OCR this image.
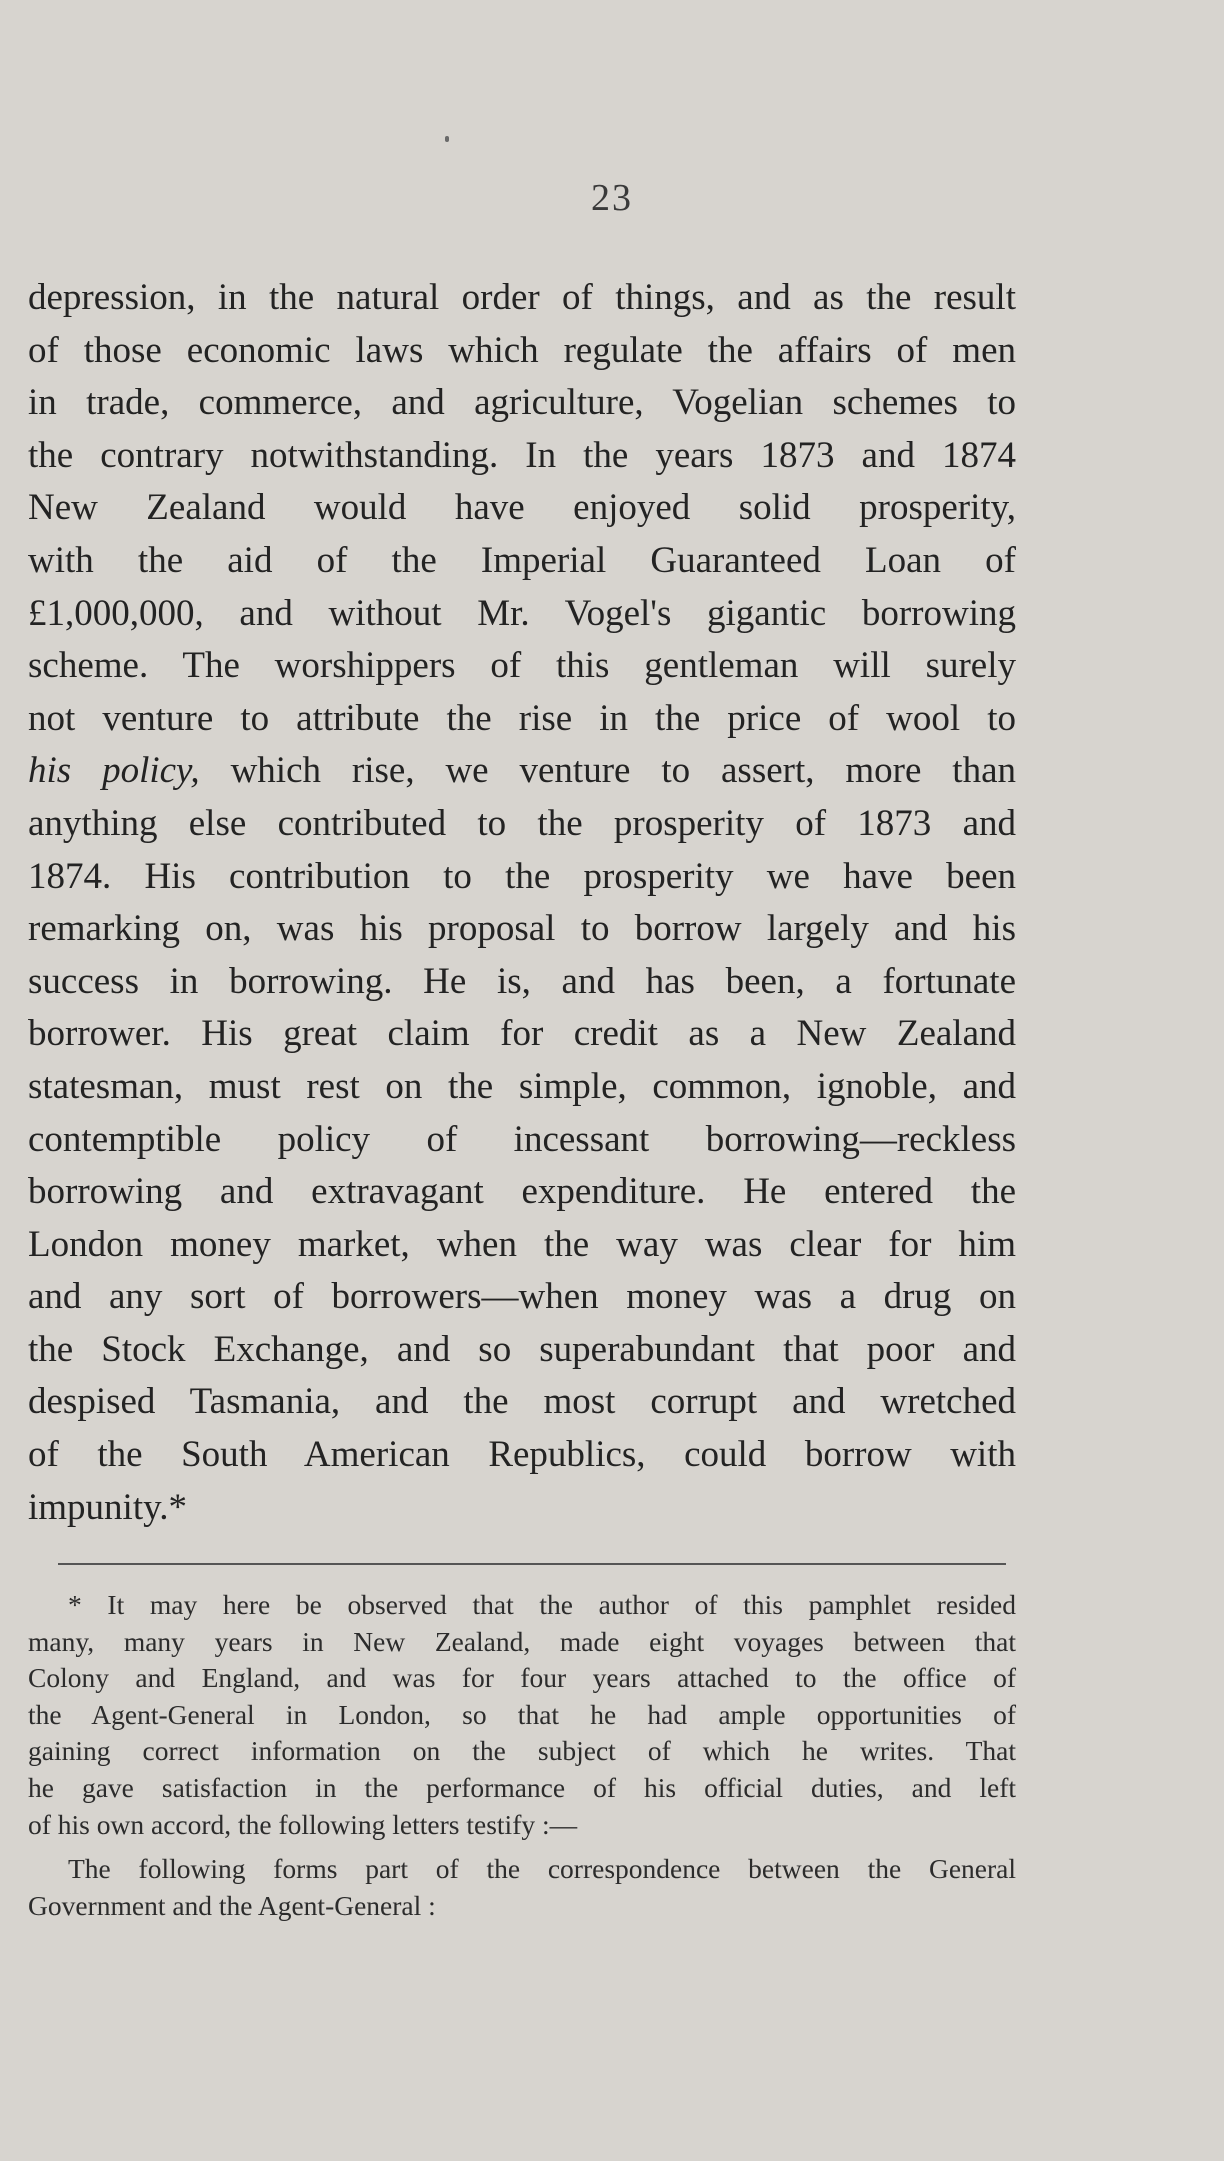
23
depression, in the natural order of things, and as the result
of those economic laws which regulate the affairs of men
in trade, commerce, and agriculture, Vogelian schemes to
the contrary notwithstanding. In the years 1873 and 1874
New Zealand would have enjoyed solid prosperity,
with the aid of the Imperial Guaranteed Loan of
£1,000,000, and without Mr. Vogel's gigantic borrowing
scheme. The worshippers of this gentleman will surely
not venture to attribute the rise in the price of wool to
his policy, which rise, we venture to assert, more than
anything else contributed to the prosperity of 1873 and
1874. His contribution to the prosperity we have been
remarking on, was his proposal to borrow largely and his
success in borrowing. He is, and has been, a fortunate
borrower. His great claim for credit as a New Zealand
statesman, must rest on the simple, common, ignoble, and
contemptible policy of incessant borrowing—reckless
borrowing and extravagant expenditure. He entered the
London money market, when the way was clear for him
and any sort of borrowers—when money was a drug on
the Stock Exchange, and so superabundant that poor and
despised Tasmania, and the most corrupt and wretched
of the South American Republics, could borrow with
impunity.*
* It may here be observed that the author of this pamphlet resided
many, many years in New Zealand, made eight voyages between that
Colony and England, and was for four years attached to the office of
the Agent-General in London, so that he had ample opportunities of
gaining correct information on the subject of which he writes. That
he gave satisfaction in the performance of his official duties, and left
of his own accord, the following letters testify :—
The following forms part of the correspondence between the General
Government and the Agent-General :
